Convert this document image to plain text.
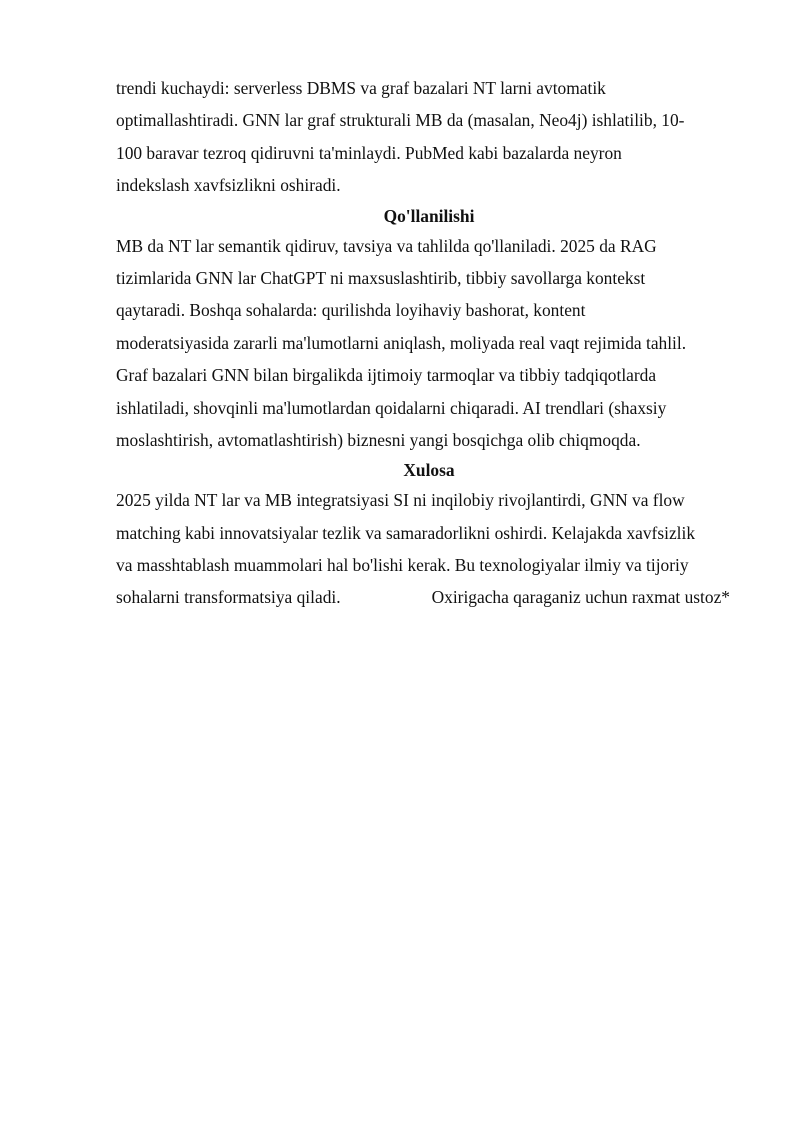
trendi kuchaydi: serverless DBMS va graf bazalari NT larni avtomatik
optimallashtiradi. GNN lar graf strukturali MB da (masalan, Neo4j) ishlatilib, 10-
100 baravar tezroq qidiruvni ta'minlaydi. PubMed kabi bazalarda neyron
indekslash xavfsizlikni oshiradi.
Qo'llanilishi
MB da NT lar semantik qidiruv, tavsiya va tahlilda qo'llaniladi. 2025 da RAG
tizimlarida GNN lar ChatGPT ni maxsuslashtirib, tibbiy savollarga kontekst
qaytaradi. Boshqa sohalarda: qurilishda loyihaviy bashorat, kontent
moderatsiyasida zararli ma'lumotlarni aniqlash, moliyada real vaqt rejimida tahlil.
Graf bazalari GNN bilan birgalikda ijtimoiy tarmoqlar va tibbiy tadqiqotlarda
ishlatiladi, shovqinli ma'lumotlardan qoidalarni chiqaradi. AI trendlari (shaxsiy
moslashtirish, avtomatlashtirish) biznesni yangi bosqichga olib chiqmoqda.
Xulosa
2025 yilda NT lar va MB integratsiyasi SI ni inqilobiy rivojlantirdi, GNN va flow
matching kabi innovatsiyalar tezlik va samaradorlikni oshirdi. Kelajakda xavfsizlik
va masshtablash muammolari hal bo'lishi kerak. Bu texnologiyalar ilmiy va tijoriy
sohalarni transformatsiya qiladi.	Oxirigacha qaraganiz uchun raxmat ustoz*
